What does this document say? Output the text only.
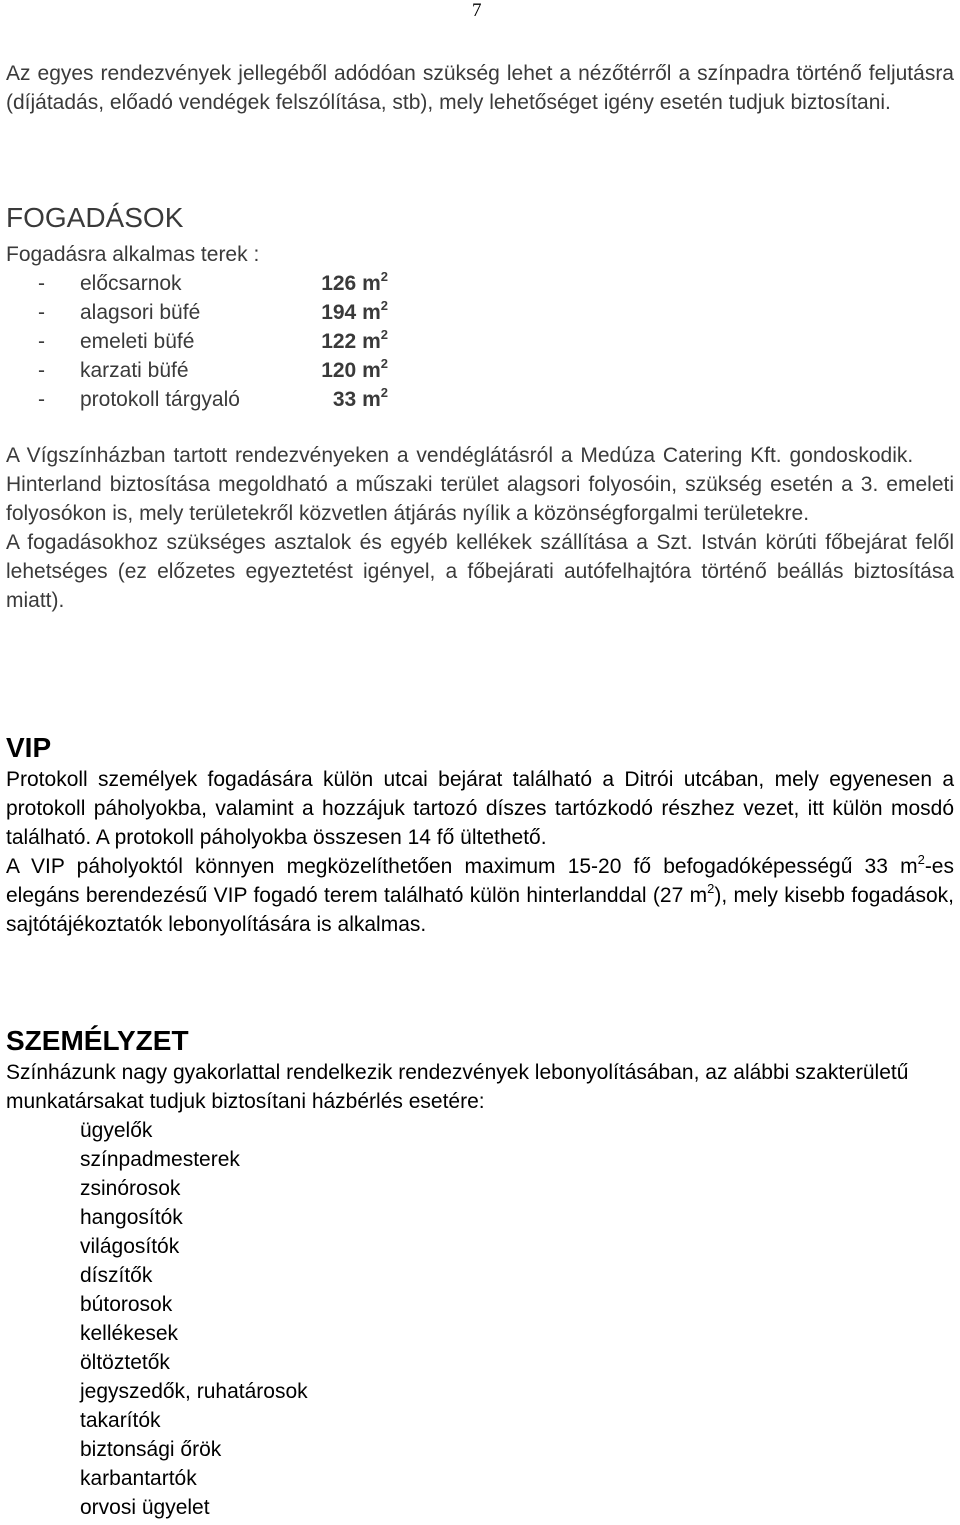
7

Az egyes rendezvények jellegéből adódóan szükség lehet a nézőtérről a színpadra történő feljutásra (díjátadás, előadó vendégek felszólítása, stb), mely lehetőséget igény esetén tudjuk biztosítani.

FOGADÁSOK

Fogadásra alkalmas terek :

- előcsarnok	126 $m^2$
- alagsori büfé	194 $m^2$
- emeleti büfé	122 $m^2$
- karzati büfé	120 $m^2$
- protokoll tárgyaló	33 $m^2$

A Vígszínházban tartott rendezvényeken a vendéglátásról a Medúza Catering Kft. gondoskodik.

Hinterland biztosítása megoldható a műszaki terület alagsori folyosóin, szükség esetén a 3. emeleti folyosókon is, mely területekről közvetlen átjárás nyílik a közönségforgalmi területekre.

A fogadásokhoz szükséges asztalok és egyéb kellékek szállítása a Szt. István körúti főbejárat felől lehetséges (ez előzetes egyeztetést igényel, a főbejárati autófelhajtóra történő beállás biztosítása miatt).

VIP

Protokoll személyek fogadására külön utcai bejárat található a Ditrói utcában, mely egyenesen a protokoll páholyokba, valamint a hozzájuk tartozó díszes tartózkodó részhez vezet, itt külön mosdó található. A protokoll páholyokba összesen 14 fő ültethető.

A VIP páholyoktól könnyen megközelíthetően maximum 15-20 fő befogadóképességű 33 $m^2-es$ elegáns berendezésű VIP fogadó terem található külön hinterlanddal (27 $m^2$), mely kisebb fogadások, sajtótájékoztatók lebonyolítására is alkalmas.

SZEMÉLYZET

Színházunk nagy gyakorlattal rendelkezik rendezvények lebonyolításában, az alábbi szakterületű munkatársakat tudjuk biztosítani házbérlés esetére:

ügyelők
színpadmesterek
zsinórosok
hangosítók
világosítók
díszítők
bútorosok
kellékesek
öltöztetők
jegyszedők, ruhatárosok
takarítók
biztonsági őrök
karbantartók
orvosi ügyelet
